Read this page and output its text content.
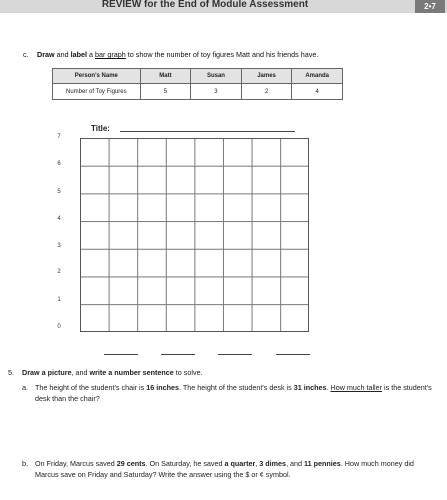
REVIEW for the End of Module Assessment	2•7
c. Draw and label a bar graph to show the number of toy figures Matt and his friends have.
Person's Name	Matt	Susan	James	Amanda
Number of Toy Figures	5	3	2	4
Title:
7
6
5
4
3
2
1
0
5. Draw a picture, and write a number sentence to solve.
a. The height of the student's chair is 16 inches. The height of the student's desk is 31 inches. How much taller is the student's desk than the chair?
b. On Friday, Marcus saved 29 cents. On Saturday, he saved a quarter, 3 dimes, and 11 pennies. How much money did Marcus save on Friday and Saturday? Write the answer using the $ or ¢ symbol.
